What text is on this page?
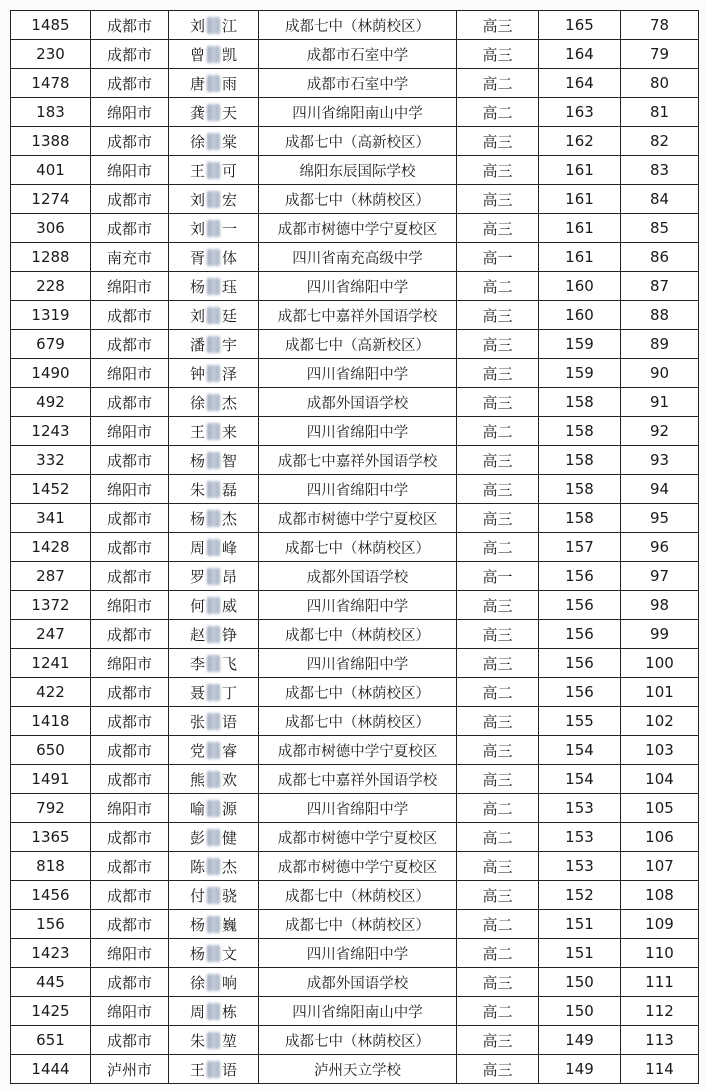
1485	成都市	刘 江	成都七中（林荫校区）	高三	165	78
230	成都市	曾 凯	成都市石室中学	高三	164	79
1478	成都市	唐 雨	成都市石室中学	高二	164	80
183	绵阳市	龚 天	四川省绵阳南山中学	高二	163	81
1388	成都市	徐 棠	成都七中（高新校区）	高三	162	82
401	绵阳市	王 可	绵阳东辰国际学校	高三	161	83
1274	成都市	刘 宏	成都七中（林荫校区）	高三	161	84
306	成都市	刘 一	成都市树德中学宁夏校区	高三	161	85
1288	南充市	胥 体	四川省南充高级中学	高一	161	86
228	绵阳市	杨 珏	四川省绵阳中学	高二	160	87
1319	成都市	刘 廷	成都七中嘉祥外国语学校	高三	160	88
679	成都市	潘 宇	成都七中（高新校区）	高三	159	89
1490	绵阳市	钟 泽	四川省绵阳中学	高三	159	90
492	成都市	徐 杰	成都外国语学校	高三	158	91
1243	绵阳市	王 来	四川省绵阳中学	高二	158	92
332	成都市	杨 智	成都七中嘉祥外国语学校	高三	158	93
1452	绵阳市	朱 磊	四川省绵阳中学	高三	158	94
341	成都市	杨 杰	成都市树德中学宁夏校区	高三	158	95
1428	成都市	周 峰	成都七中（林荫校区）	高二	157	96
287	成都市	罗 昂	成都外国语学校	高一	156	97
1372	绵阳市	何 威	四川省绵阳中学	高三	156	98
247	成都市	赵 铮	成都七中（林荫校区）	高三	156	99
1241	绵阳市	李 飞	四川省绵阳中学	高三	156	100
422	成都市	聂 丁	成都七中（林荫校区）	高二	156	101
1418	成都市	张 语	成都七中（林荫校区）	高三	155	102
650	成都市	党 睿	成都市树德中学宁夏校区	高三	154	103
1491	成都市	熊 欢	成都七中嘉祥外国语学校	高三	154	104
792	绵阳市	喻 源	四川省绵阳中学	高二	153	105
1365	成都市	彭 健	成都市树德中学宁夏校区	高二	153	106
818	成都市	陈 杰	成都市树德中学宁夏校区	高三	153	107
1456	成都市	付 骁	成都七中（林荫校区）	高三	152	108
156	成都市	杨 巍	成都七中（林荫校区）	高二	151	109
1423	绵阳市	杨 文	四川省绵阳中学	高二	151	110
445	成都市	徐 响	成都外国语学校	高三	150	111
1425	绵阳市	周 栋	四川省绵阳南山中学	高二	150	112
651	成都市	朱 堃	成都七中（林荫校区）	高三	149	113
1444	泸州市	王 语	泸州天立学校	高三	149	114
